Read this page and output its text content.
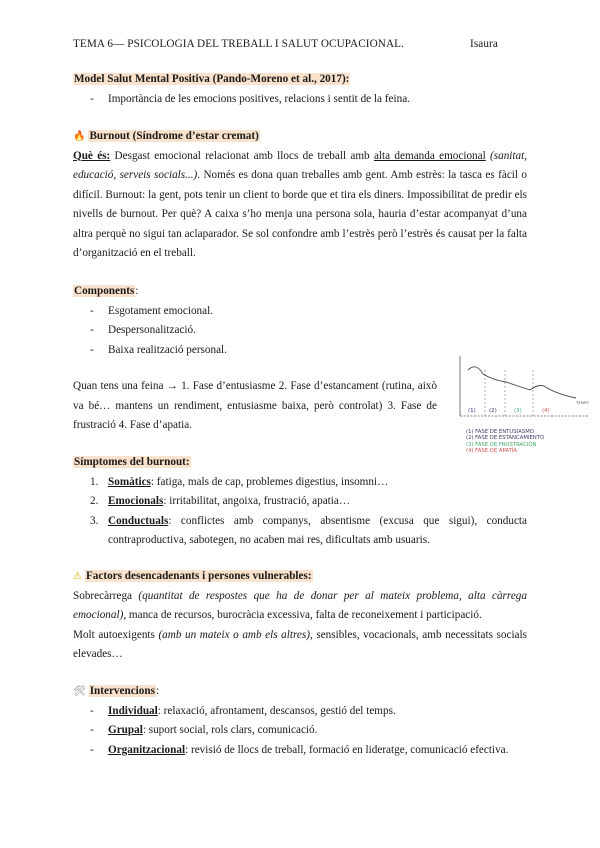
TEMA 6— PSICOLOGIA DEL TREBALL I SALUT OCUPACIONAL.	Isaura
Model Salut Mental Positiva (Pando-Moreno et al., 2017):
- Importància de les emocions positives, relacions i sentit de la feina.
🔥 Burnout (Síndrome d’estar cremat)
Què és: Desgast emocional relacionat amb llocs de treball amb alta demanda emocional (sanitat, educació, serveis socials...). Només es dona quan treballes amb gent. Amb estrès: la tasca es fàcil o difícil. Burnout: la gent, pots tenir un client to borde que et tira els diners. Impossibilitat de predir els nivells de burnout. Per què? A caixa s’ho menja una persona sola, hauria d’estar acompanyat d’una altra perquè no sigui tan aclaparador. Se sol confondre amb l’estrès però l’estrès és causat per la falta d’organització en el treball.
Components:
- Esgotament emocional.
- Despersonalització.
- Baixa realització personal.
Quan tens una feina → 1. Fase d’entusiasme 2. Fase d’estancament (rutina, això va bé… mantens un rendiment, entusiasme baixa, però controlat) 3. Fase de frustració 4. Fase d’apatia.
(1) (2)	(3)	(4)
TEMPS
(1) FASE DE ENTUSIASMO
(2) FASE DE ESTANCAMIENTO
(3) FASE DE FRUSTRACIÓN
(4) FASE DE APATÍA
Símptomes del burnout:
1. Somàtics: fatiga, mals de cap, problemes digestius, insomni…
2. Emocionals: irritabilitat, angoixa, frustració, apatia…
3. Conductuals: conflictes amb companys, absentisme (excusa que sigui), conducta contraproductiva, sabotegen, no acaben mai res, dificultats amb usuaris.
⚠ Factors desencadenants i persones vulnerables:
Sobrecàrrega (quantitat de respostes que ha de donar per al mateix problema, alta càrrega emocional), manca de recursos, burocràcia excessiva, falta de reconeixement i participació.
Molt autoexigents (amb un mateix o amb els altres), sensibles, vocacionals, amb necessitats socials elevades…
🛠 Intervencions:
- Individual: relaxació, afrontament, descansos, gestió del temps.
- Grupal: suport social, rols clars, comunicació.
- Organitzacional: revisió de llocs de treball, formació en lideratge, comunicació efectiva.
